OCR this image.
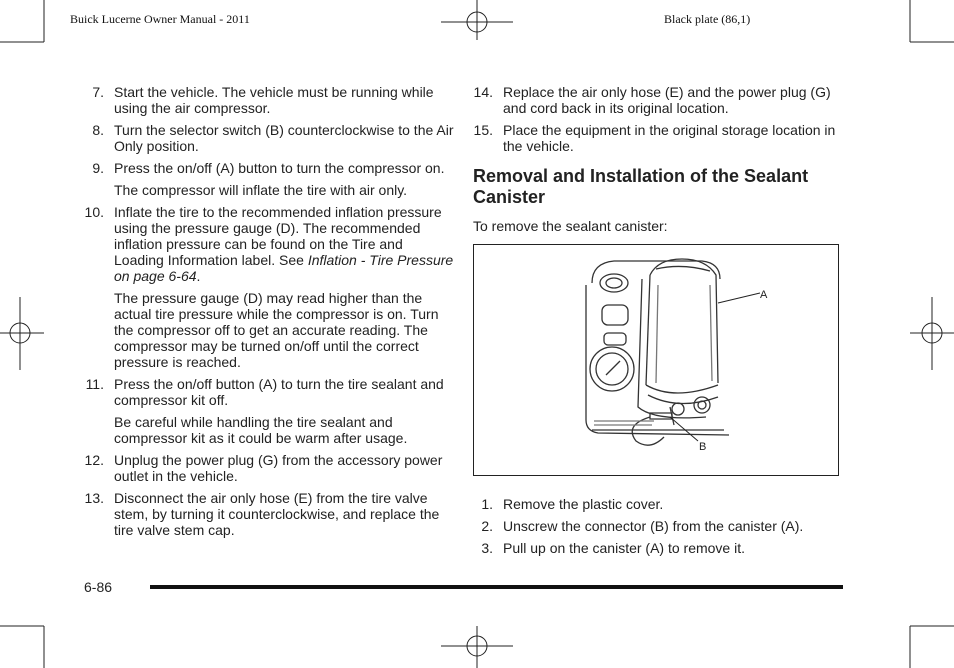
Buick Lucerne Owner Manual - 2011	Black plate (86,1)
7. Start the vehicle. The vehicle must be running while using the air compressor.
8. Turn the selector switch (B) counterclockwise to the Air Only position.
9. Press the on/off (A) button to turn the compressor on.
The compressor will inflate the tire with air only.
10. Inflate the tire to the recommended inflation pressure using the pressure gauge (D). The recommended inflation pressure can be found on the Tire and Loading Information label. See Inflation - Tire Pressure on page 6-64.
The pressure gauge (D) may read higher than the actual tire pressure while the compressor is on. Turn the compressor off to get an accurate reading. The compressor may be turned on/off until the correct pressure is reached.
11. Press the on/off button (A) to turn the tire sealant and compressor kit off.
Be careful while handling the tire sealant and compressor kit as it could be warm after usage.
12. Unplug the power plug (G) from the accessory power outlet in the vehicle.
13. Disconnect the air only hose (E) from the tire valve stem, by turning it counterclockwise, and replace the tire valve stem cap.
14. Replace the air only hose (E) and the power plug (G) and cord back in its original location.
15. Place the equipment in the original storage location in the vehicle.
Removal and Installation of the Sealant Canister
To remove the sealant canister:
A
B
1. Remove the plastic cover.
2. Unscrew the connector (B) from the canister (A).
3. Pull up on the canister (A) to remove it.
6-86
